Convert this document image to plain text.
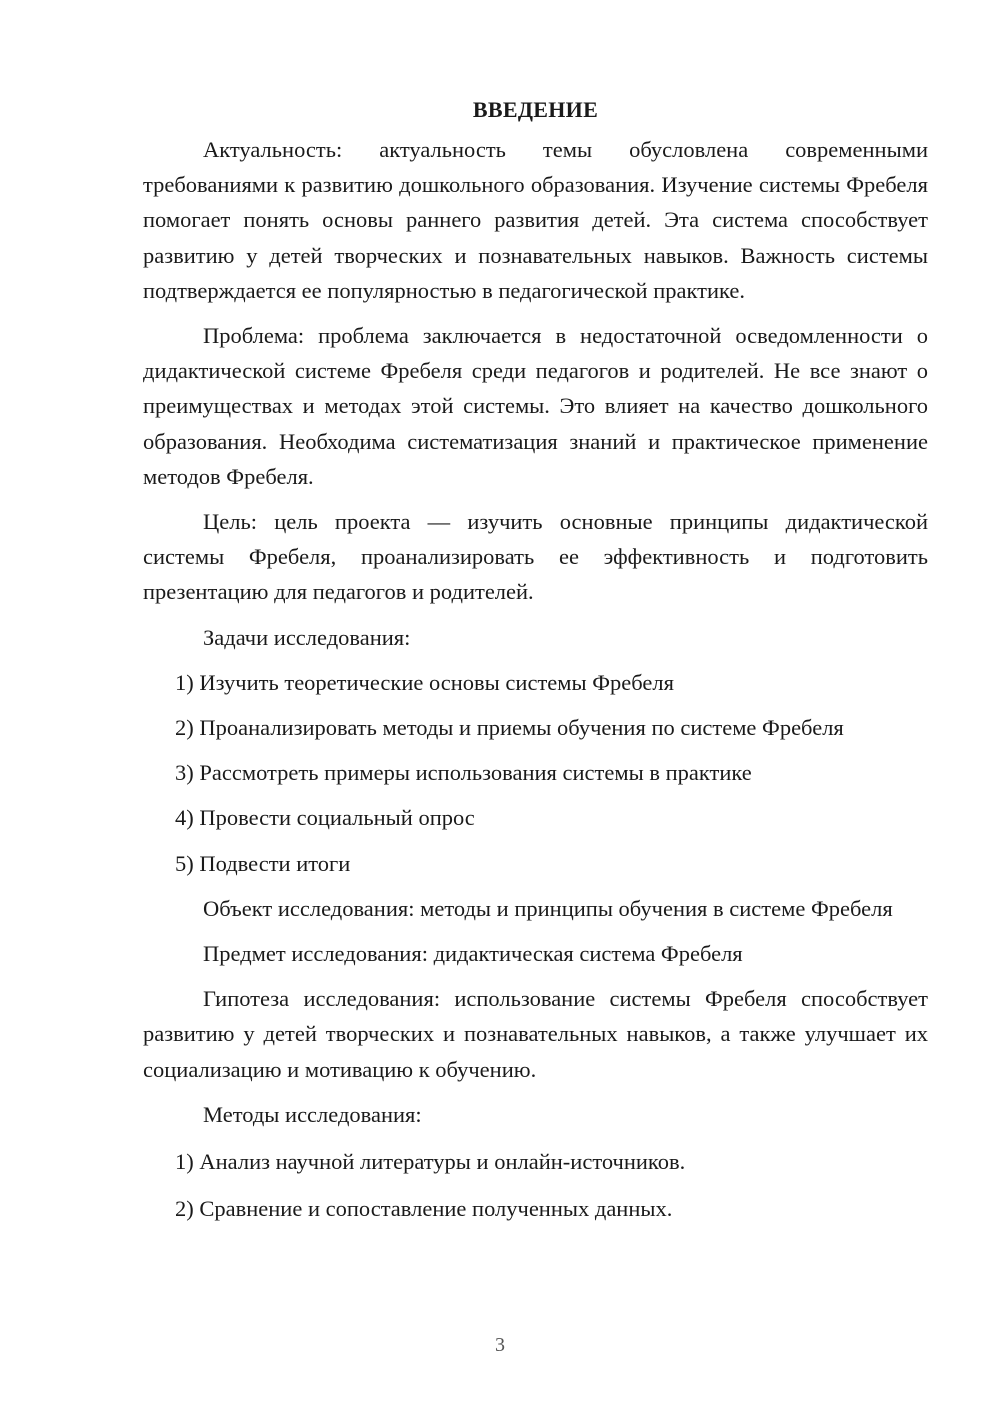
ВВЕДЕНИЕ

Актуальность: актуальность темы обусловлена современными требованиями к развитию дошкольного образования. Изучение системы Фребеля помогает понять основы раннего развития детей. Эта система способствует развитию у детей творческих и познавательных навыков. Важность системы подтверждается ее популярностью в педагогической практике.

Проблема: проблема заключается в недостаточной осведомленности о дидактической системе Фребеля среди педагогов и родителей. Не все знают о преимуществах и методах этой системы. Это влияет на качество дошкольного образования. Необходима систематизация знаний и практическое применение методов Фребеля.

Цель: цель проекта — изучить основные принципы дидактической системы Фребеля, проанализировать ее эффективность и подготовить презентацию для педагогов и родителей.

Задачи исследования:

1) Изучить теоретические основы системы Фребеля
2) Проанализировать методы и приемы обучения по системе Фребеля
3) Рассмотреть примеры использования системы в практике
4) Провести социальный опрос
5) Подвести итоги

Объект исследования: методы и принципы обучения в системе Фребеля

Предмет исследования: дидактическая система Фребеля

Гипотеза исследования: использование системы Фребеля способствует развитию у детей творческих и познавательных навыков, а также улучшает их социализацию и мотивацию к обучению.

Методы исследования:

1) Анализ научной литературы и онлайн-источников.
2) Сравнение и сопоставление полученных данных.
3
